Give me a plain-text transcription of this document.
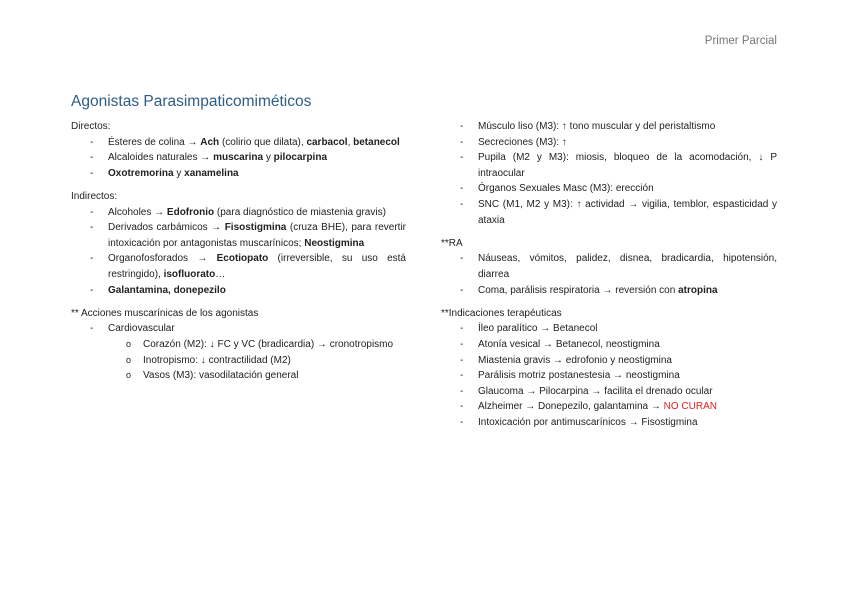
Primer Parcial
Agonistas Parasimpaticomiméticos

Directos:

- Ésteres de colina → Ach (colirio que dilata), carbacol, betanecol
- Alcaloides naturales → muscarina y pilocarpina
- Oxotremorina y xanamelina

Indirectos:

- Alcoholes → Edofronio (para diagnóstico de miastenia gravis)
- Derivados carbámicos → Fisostigmina (cruza BHE), para revertir intoxicación por antagonistas muscarínicos; Neostigmina
- Organofosforados → Ecotiopato (irreversible, su uso está restringido), isofluorato…
- Galantamina, donepezilo

** Acciones muscarínicas de los agonistas

- Cardiovascular
o Corazón (M2): ↓ FC y VC (bradicardia) → cronotropismo
o Inotropismo: ↓ contractilidad (M2)
o Vasos (M3): vasodilatación general
- Músculo liso (M3): ↑ tono muscular y del peristaltismo
- Secreciones (M3): ↑
- Pupila (M2 y M3): miosis, bloqueo de la acomodación, ↓ P intraocular
- Órganos Sexuales Masc (M3): erección
- SNC (M1, M2 y M3): ↑ actividad → vigilia, temblor, espasticidad y ataxia

**RA

- Náuseas, vómitos, palidez, disnea, bradicardia, hipotensión, diarrea
- Coma, parálisis respiratoria → reversión con atropina

**Indicaciones terapéuticas

- Íleo paralítico → Betanecol
- Atonía vesical → Betanecol, neostigmina
- Miastenia gravis → edrofonio y neostigmina
- Parálisis motriz postanestesia → neostigmina
- Glaucoma → Pilocarpina → facilita el drenado ocular
- Alzheimer → Donepezilo, galantamina → NO CURAN
- Intoxicación por antimuscarínicos → Fisostigmina
